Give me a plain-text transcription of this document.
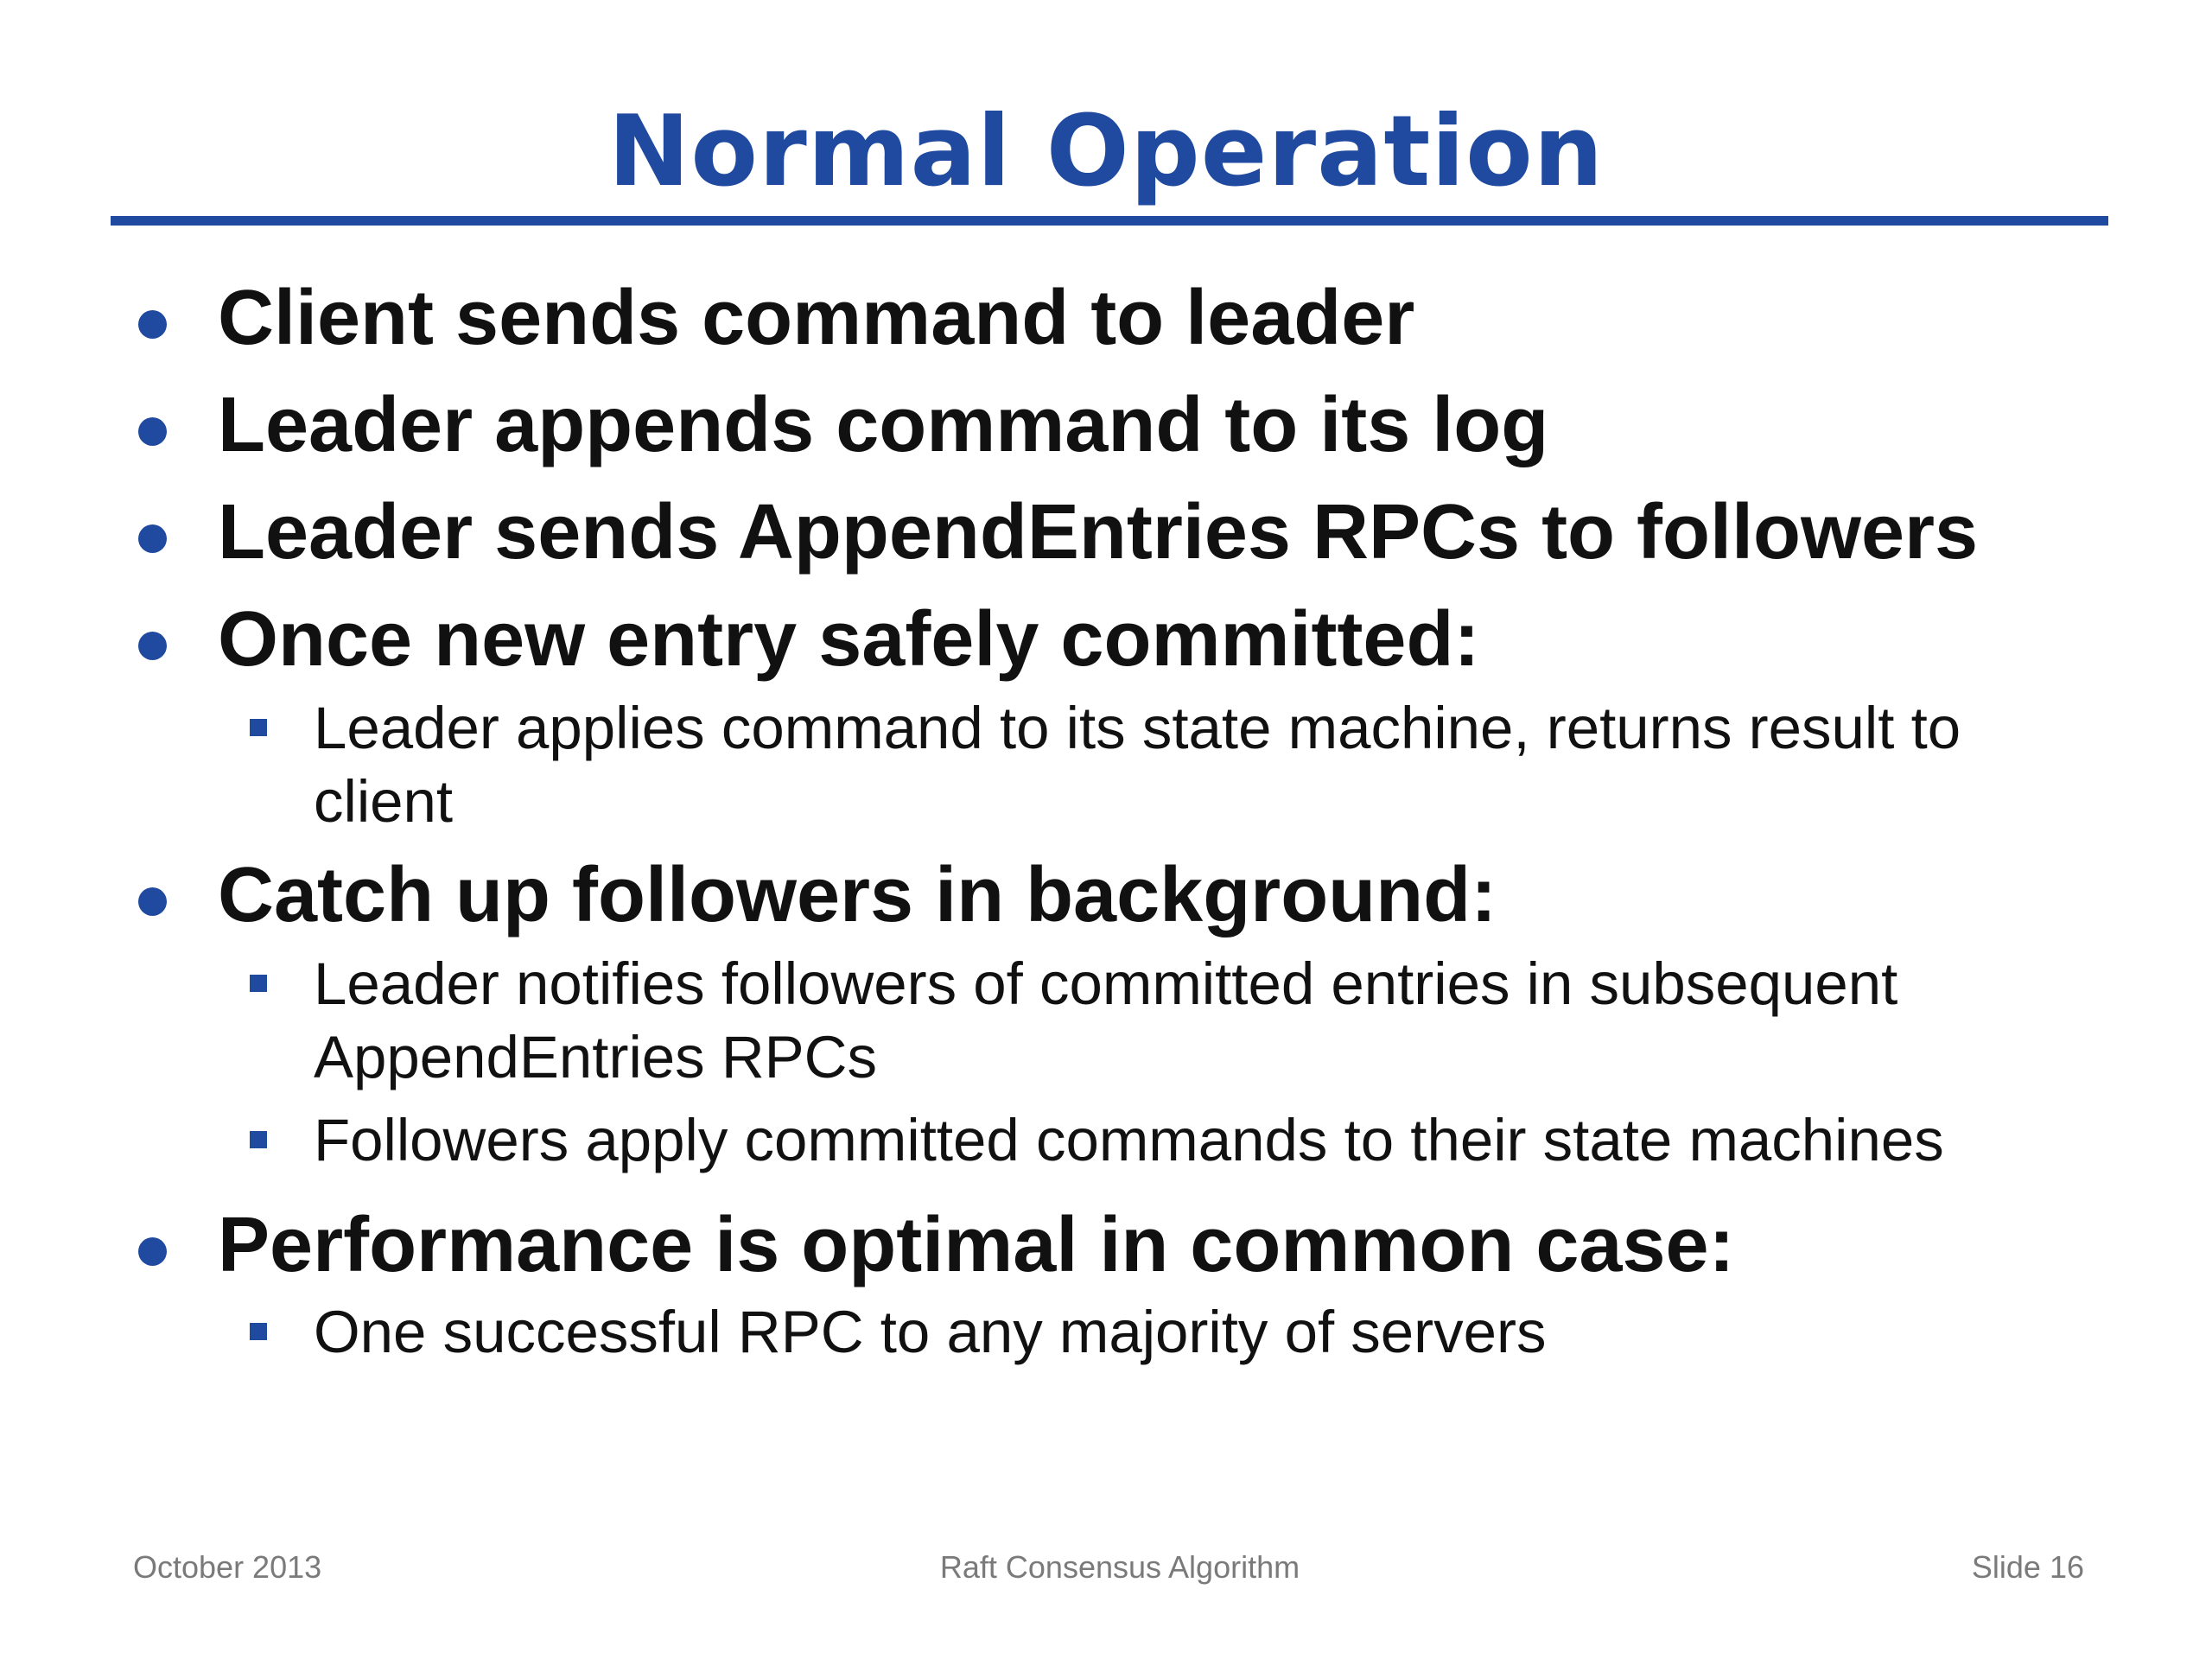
Normal Operation
Client sends command to leader
Leader appends command to its log
Leader sends AppendEntries RPCs to followers
Once new entry safely committed:
Leader applies command to its state machine, returns result to client
Catch up followers in background:
Leader notifies followers of committed entries in subsequent AppendEntries RPCs
Followers apply committed commands to their state machines
Performance is optimal in common case:
One successful RPC to any majority of servers
October 2013	Raft Consensus Algorithm	Slide 16
